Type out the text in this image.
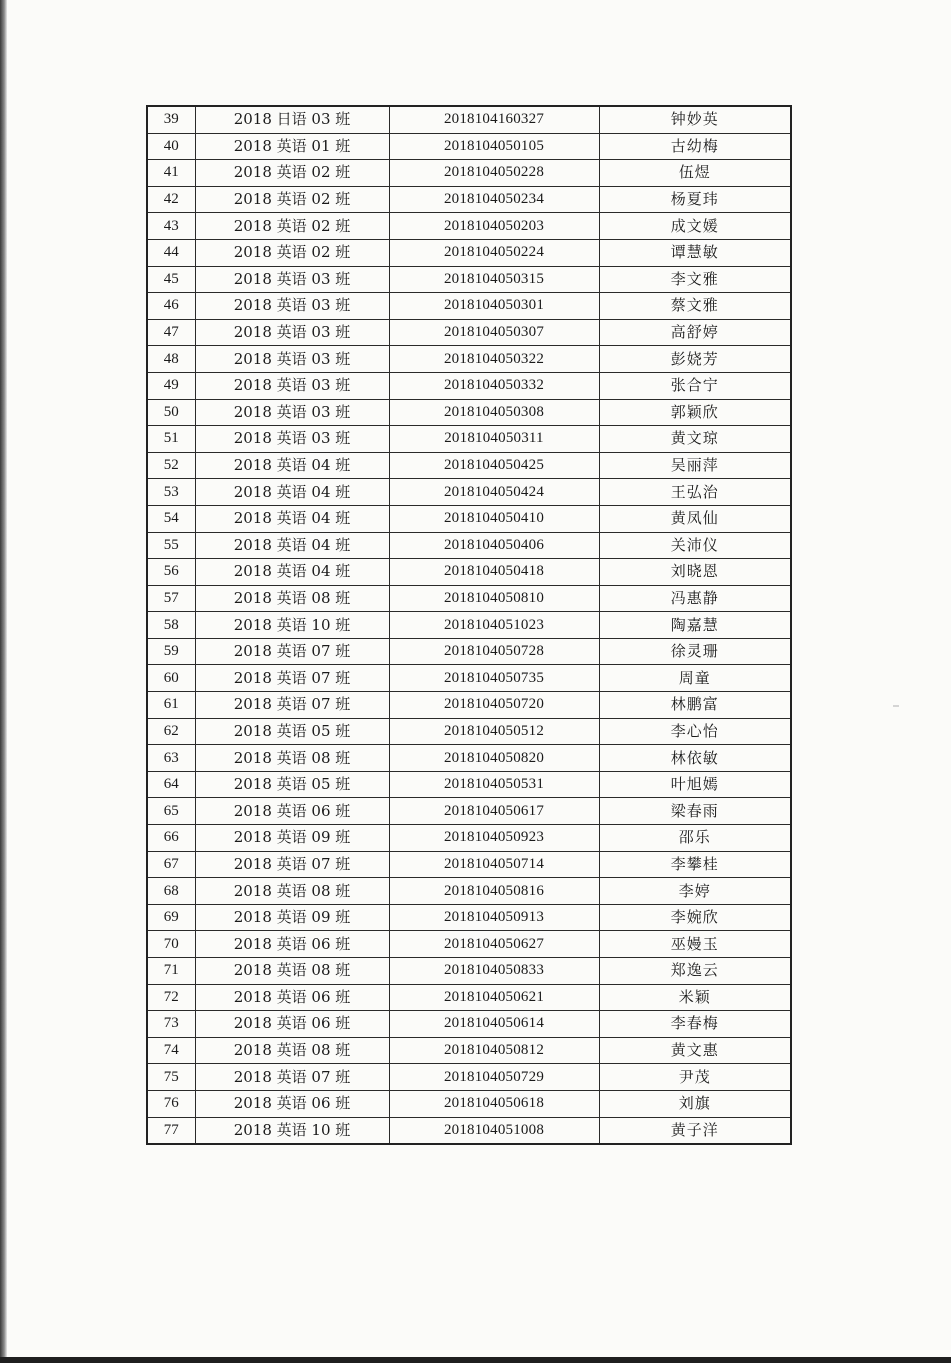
39	2018 日语 03 班	2018104160327	钟妙英
40	2018 英语 01 班	2018104050105	古幼梅
41	2018 英语 02 班	2018104050228	伍煜
42	2018 英语 02 班	2018104050234	杨夏玮
43	2018 英语 02 班	2018104050203	成文媛
44	2018 英语 02 班	2018104050224	谭慧敏
45	2018 英语 03 班	2018104050315	李文雅
46	2018 英语 03 班	2018104050301	蔡文雅
47	2018 英语 03 班	2018104050307	高舒婷
48	2018 英语 03 班	2018104050322	彭娆芳
49	2018 英语 03 班	2018104050332	张合宁
50	2018 英语 03 班	2018104050308	郭颖欣
51	2018 英语 03 班	2018104050311	黄文琼
52	2018 英语 04 班	2018104050425	吴丽萍
53	2018 英语 04 班	2018104050424	王弘治
54	2018 英语 04 班	2018104050410	黄凤仙
55	2018 英语 04 班	2018104050406	关沛仪
56	2018 英语 04 班	2018104050418	刘晓恩
57	2018 英语 08 班	2018104050810	冯惠静
58	2018 英语 10 班	2018104051023	陶嘉慧
59	2018 英语 07 班	2018104050728	徐灵珊
60	2018 英语 07 班	2018104050735	周童
61	2018 英语 07 班	2018104050720	林鹏富
62	2018 英语 05 班	2018104050512	李心怡
63	2018 英语 08 班	2018104050820	林依敏
64	2018 英语 05 班	2018104050531	叶旭嫣
65	2018 英语 06 班	2018104050617	梁春雨
66	2018 英语 09 班	2018104050923	邵乐
67	2018 英语 07 班	2018104050714	李攀桂
68	2018 英语 08 班	2018104050816	李婷
69	2018 英语 09 班	2018104050913	李婉欣
70	2018 英语 06 班	2018104050627	巫嫚玉
71	2018 英语 08 班	2018104050833	郑逸云
72	2018 英语 06 班	2018104050621	米颖
73	2018 英语 06 班	2018104050614	李春梅
74	2018 英语 08 班	2018104050812	黄文惠
75	2018 英语 07 班	2018104050729	尹茂
76	2018 英语 06 班	2018104050618	刘旗
77	2018 英语 10 班	2018104051008	黄子洋
